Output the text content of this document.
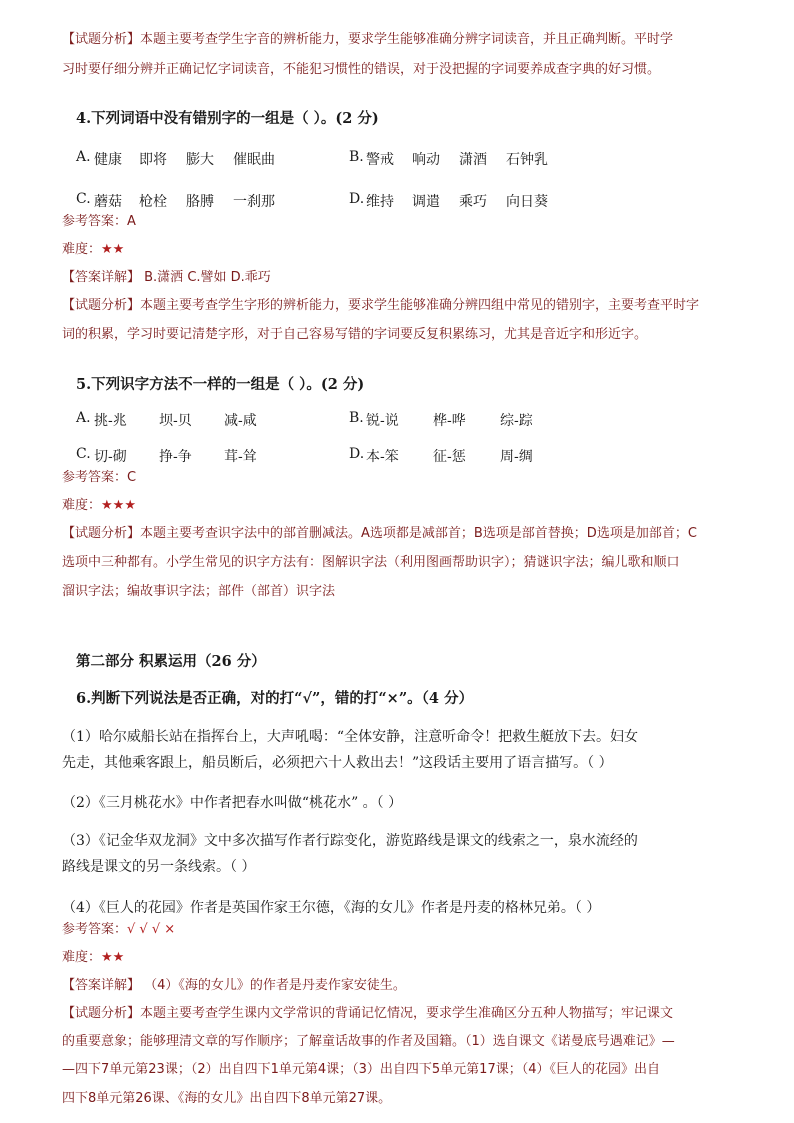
【试题分析】本题主要考查学生字音的辨析能力，要求学生能够准确分辨字词读音，并且正确判断。平时学
习时要仔细分辨并正确记忆字词读音，不能犯习惯性的错误，对于没把握的字词要养成查字典的好习惯。
4.下列词语中没有错别字的一组是（ ）。(2 分)
A. 健康 即将 膨大 催眠曲	B. 警戒 响动 潇酒 石钟乳
C. 蘑菇 枪栓 胳膊 一刹那	D. 维持 调遣 乘巧 向日葵
参考答案：A
难度：★★
【答案详解】 B.潇洒 C.譬如 D.乖巧
【试题分析】本题主要考查学生字形的辨析能力，要求学生能够准确分辨四组中常见的错别字，主要考查平时字
词的积累，学习时要记清楚字形，对于自己容易写错的字词要反复积累练习，尤其是音近字和形近字。
5.下列识字方法不一样的一组是（ ）。(2 分)
A. 挑-兆 坝-贝 减-咸	B. 锐-说 桦-哗 综-踪
C. 切-砌 挣-争 茸-耸	D. 本-笨 征-惩 周-绸
参考答案：C
难度：★★★
【试题分析】本题主要考查识字法中的部首删减法。A选项都是减部首；B选项是部首替换；D选项是加部首；C
选项中三种都有。小学生常见的识字方法有：图解识字法（利用图画帮助识字）；猜谜识字法；编儿歌和顺口
溜识字法；编故事识字法；部件（部首）识字法
第二部分 积累运用（26 分）
6.判断下列说法是否正确，对的打“√”，错的打“×”。（4 分）
（1）哈尔威船长站在指挥台上，大声吼喝：“全体安静，注意听命令！把救生艇放下去。妇女
先走，其他乘客跟上，船员断后，必须把六十人救出去！”这段话主要用了语言描写。（ ）
（2）《三月桃花水》中作者把春水叫做“桃花水” 。（ ）
（3）《记金华双龙洞》文中多次描写作者行踪变化，游览路线是课文的线索之一，泉水流经的
路线是课文的另一条线索。（ ）
（4）《巨人的花园》作者是英国作家王尔德，《海的女儿》作者是丹麦的格林兄弟。（ ）
参考答案：√ √ √ ×
难度：★★
【答案详解】 （4）《海的女儿》的作者是丹麦作家安徒生。
【试题分析】本题主要考查学生课内文学常识的背诵记忆情况，要求学生准确区分五种人物描写；牢记课文
的重要意象；能够理清文章的写作顺序；了解童话故事的作者及国籍。（1）选自课文《诺曼底号遇难记》—
—四下7单元第23课；（2）出自四下1单元第4课；（3）出自四下5单元第17课；（4）《巨人的花园》出自
四下8单元第26课、《海的女儿》出自四下8单元第27课。
